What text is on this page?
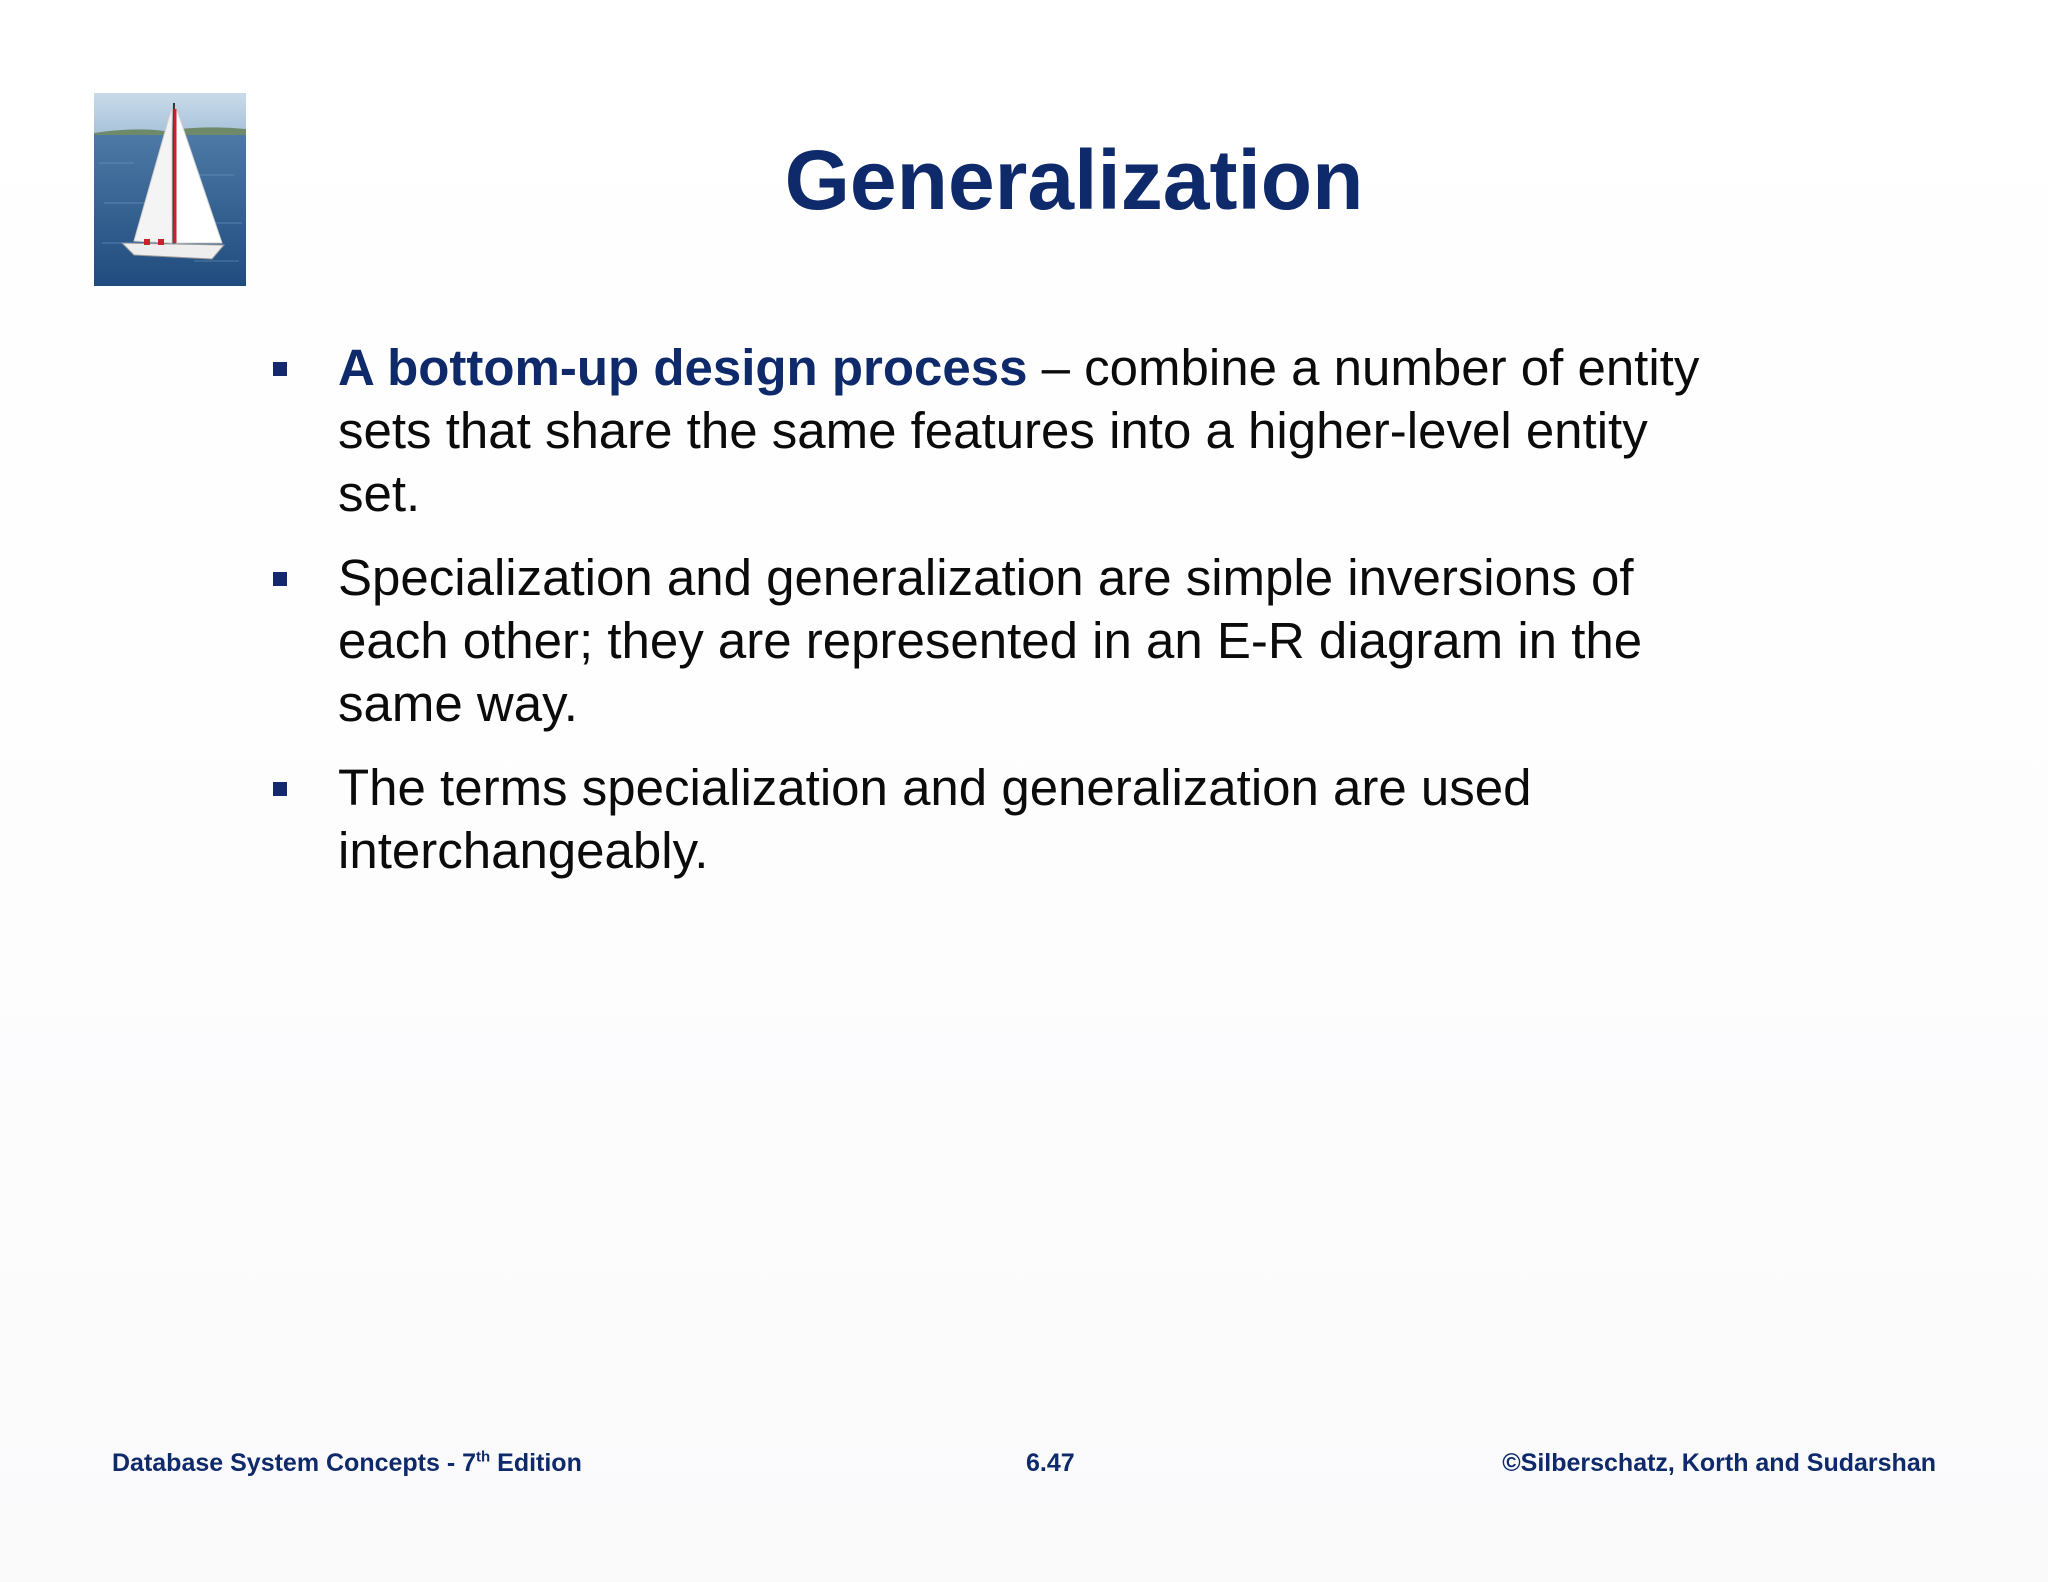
Generalization
A bottom-up design process – combine a number of entity sets that share the same features into a higher-level entity set.
Specialization and generalization are simple inversions of each other; they are represented in an E-R diagram in the same way.
The terms specialization and generalization are used interchangeably.
Database System Concepts - 7th Edition	6.47	©Silberschatz, Korth and Sudarshan
